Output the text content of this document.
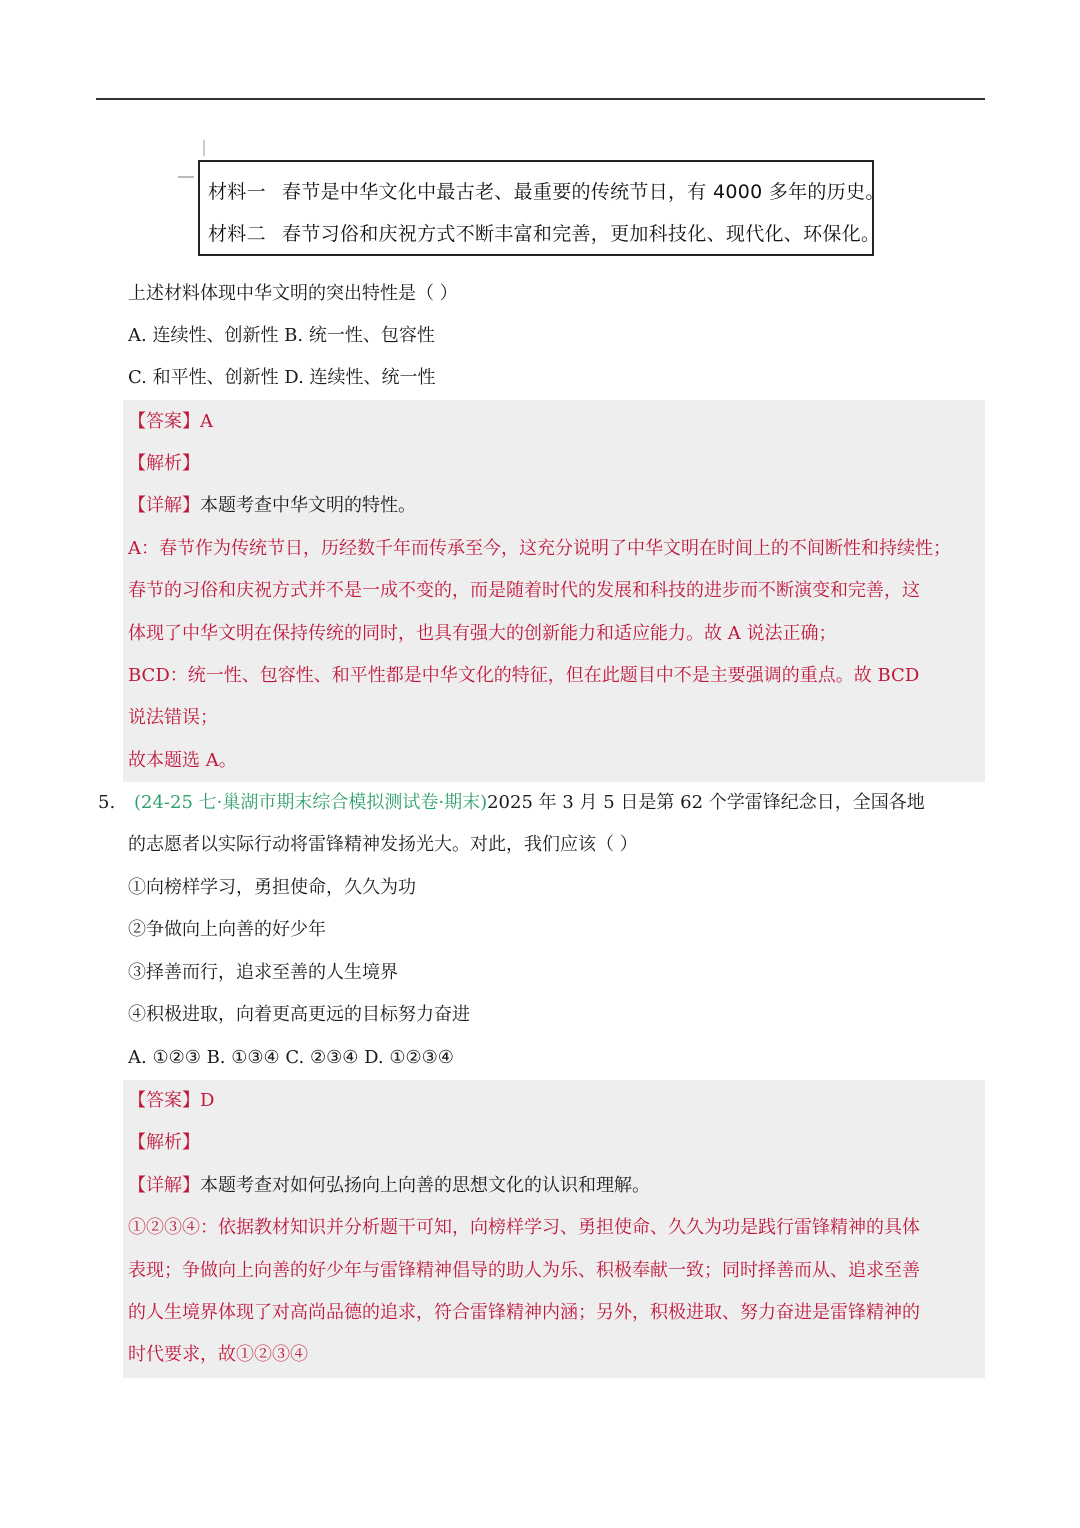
材料一 春节是中华文化中最古老、最重要的传统节日，有 4000 多年的历史。
材料二 春节习俗和庆祝方式不断丰富和完善，更加科技化、现代化、环保化。
上述材料体现中华文明的突出特性是（ ）
A. 连续性、创新性 B. 统一性、包容性
C. 和平性、创新性 D. 连续性、统一性
【答案】A
【解析】
【详解】本题考查中华文明的特性。
A：春节作为传统节日，历经数千年而传承至今，这充分说明了中华文明在时间上的不间断性和持续性；
春节的习俗和庆祝方式并不是一成不变的，而是随着时代的发展和科技的进步而不断演变和完善，这
体现了中华文明在保持传统的同时，也具有强大的创新能力和适应能力。故 A 说法正确；
BCD：统一性、包容性、和平性都是中华文化的特征，但在此题目中不是主要强调的重点。故 BCD
说法错误；
故本题选 A。
5. (24-25 七·巢湖市期末综合模拟测试卷·期末)2025 年 3 月 5 日是第 62 个学雷锋纪念日，全国各地
的志愿者以实际行动将雷锋精神发扬光大。对此，我们应该（ ）
①向榜样学习，勇担使命，久久为功
②争做向上向善的好少年
③择善而行，追求至善的人生境界
④积极进取，向着更高更远的目标努力奋进
A. ①②③ B. ①③④ C. ②③④ D. ①②③④
【答案】D
【解析】
【详解】本题考查对如何弘扬向上向善的思想文化的认识和理解。
①②③④：依据教材知识并分析题干可知，向榜样学习、勇担使命、久久为功是践行雷锋精神的具体
表现；争做向上向善的好少年与雷锋精神倡导的助人为乐、积极奉献一致；同时择善而从、追求至善
的人生境界体现了对高尚品德的追求，符合雷锋精神内涵；另外，积极进取、努力奋进是雷锋精神的
时代要求，故①②③④
